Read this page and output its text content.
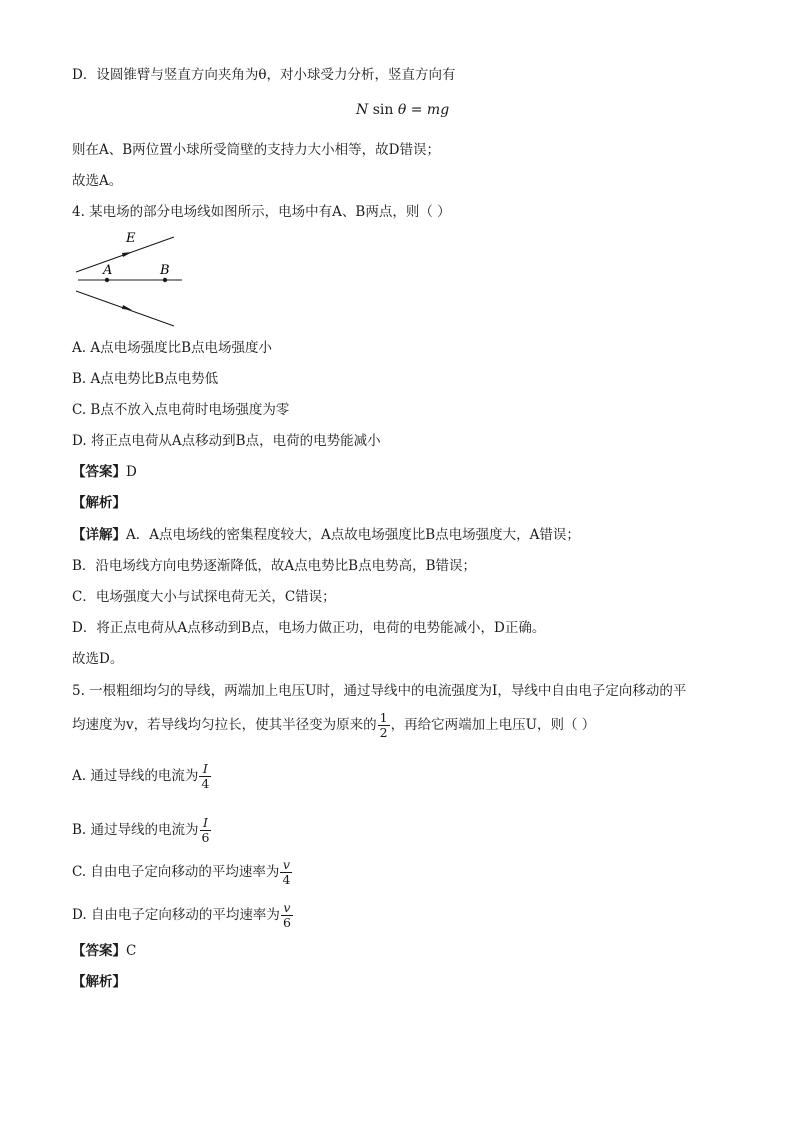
D．设圆锥臂与竖直方向夹角为θ，对小球受力分析，竖直方向有
N sin θ = mg
则在A、B两位置小球所受筒壁的支持力大小相等，故D错误；
故选A。
4. 某电场的部分电场线如图所示，电场中有A、B两点，则（ ）
E
A	B
A. A点电场强度比B点电场强度小
B. A点电势比B点电势低
C. B点不放入点电荷时电场强度为零
D. 将正点电荷从A点移动到B点，电荷的电势能减小
【答案】D
【解析】
【详解】A．A点电场线的密集程度较大，A点故电场强度比B点电场强度大，A错误；
B．沿电场线方向电势逐渐降低，故A点电势比B点电势高，B错误；
C．电场强度大小与试探电荷无关，C错误；
D．将正点电荷从A点移动到B点，电场力做正功，电荷的电势能减小，D正确。
故选D。
5. 一根粗细均匀的导线，两端加上电压U时，通过导线中的电流强度为I，导线中自由电子定向移动的平
均速度为v，若导线均匀拉长，使其半径变为原来的 $\frac{1}{2}$ ，再给它两端加上电压U，则（ ）
A. 通过导线的电流为 $\frac{I}{4}$
B. 通过导线的电流为 $\frac{I}{6}$
C. 自由电子定向移动的平均速率为 $\frac{v}{4}$
D. 自由电子定向移动的平均速率为 $\frac{v}{6}$
【答案】C
【解析】
